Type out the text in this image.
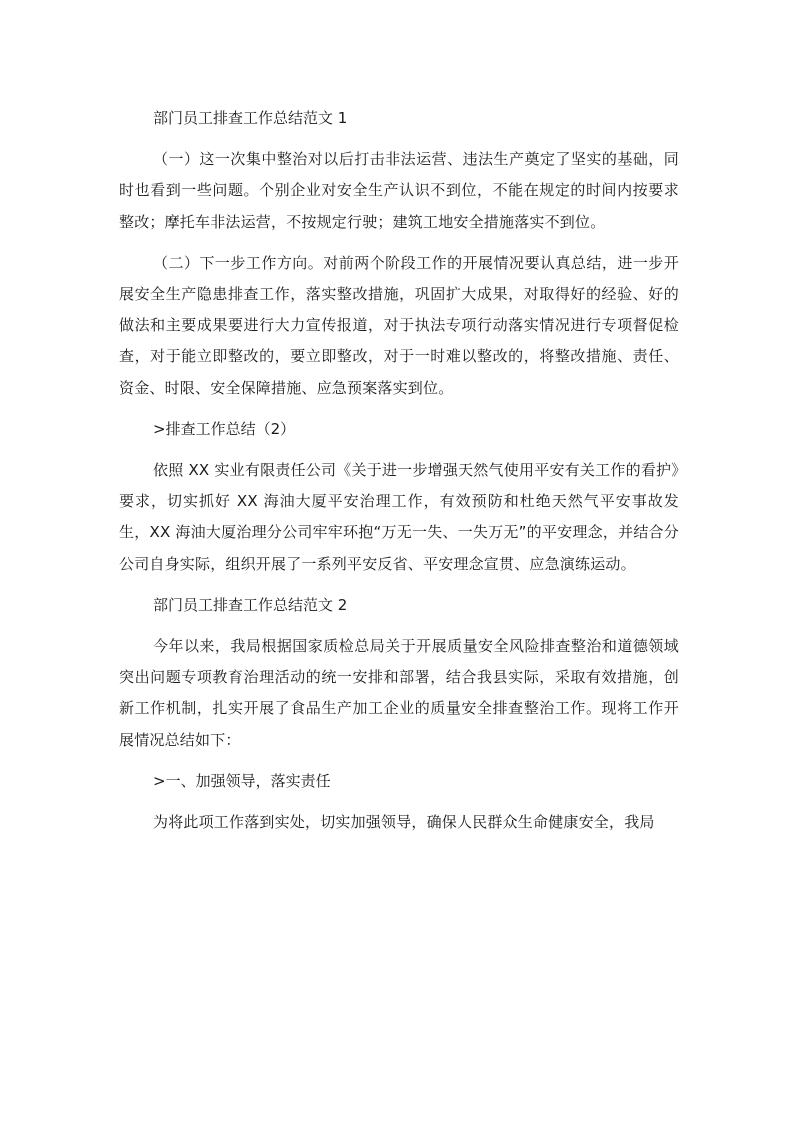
部门员工排查工作总结范文 1

（一）这一次集中整治对以后打击非法运营、违法生产奠定了坚实的基础，同时也看到一些问题。个别企业对安全生产认识不到位，不能在规定的时间内按要求整改；摩托车非法运营，不按规定行驶；建筑工地安全措施落实不到位。

（二）下一步工作方向。对前两个阶段工作的开展情况要认真总结，进一步开展安全生产隐患排查工作，落实整改措施，巩固扩大成果，对取得好的经验、好的做法和主要成果要进行大力宣传报道，对于执法专项行动落实情况进行专项督促检查，对于能立即整改的，要立即整改，对于一时难以整改的，将整改措施、责任、资金、时限、安全保障措施、应急预案落实到位。

>排查工作总结（2）

依照 XX 实业有限责任公司《关于进一步增强天然气使用平安有关工作的看护》要求，切实抓好 XX 海油大厦平安治理工作，有效预防和杜绝天然气平安事故发生，XX 海油大厦治理分公司牢牢环抱“万无一失、一失万无”的平安理念，并结合分公司自身实际，组织开展了一系列平安反省、平安理念宣贯、应急演练运动。

部门员工排查工作总结范文 2

今年以来，我局根据国家质检总局关于开展质量安全风险排查整治和道德领域突出问题专项教育治理活动的统一安排和部署，结合我县实际，采取有效措施，创新工作机制，扎实开展了食品生产加工企业的质量安全排查整治工作。现将工作开展情况总结如下：

>一、加强领导，落实责任

为将此项工作落到实处，切实加强领导，确保人民群众生命健康安全，我局
